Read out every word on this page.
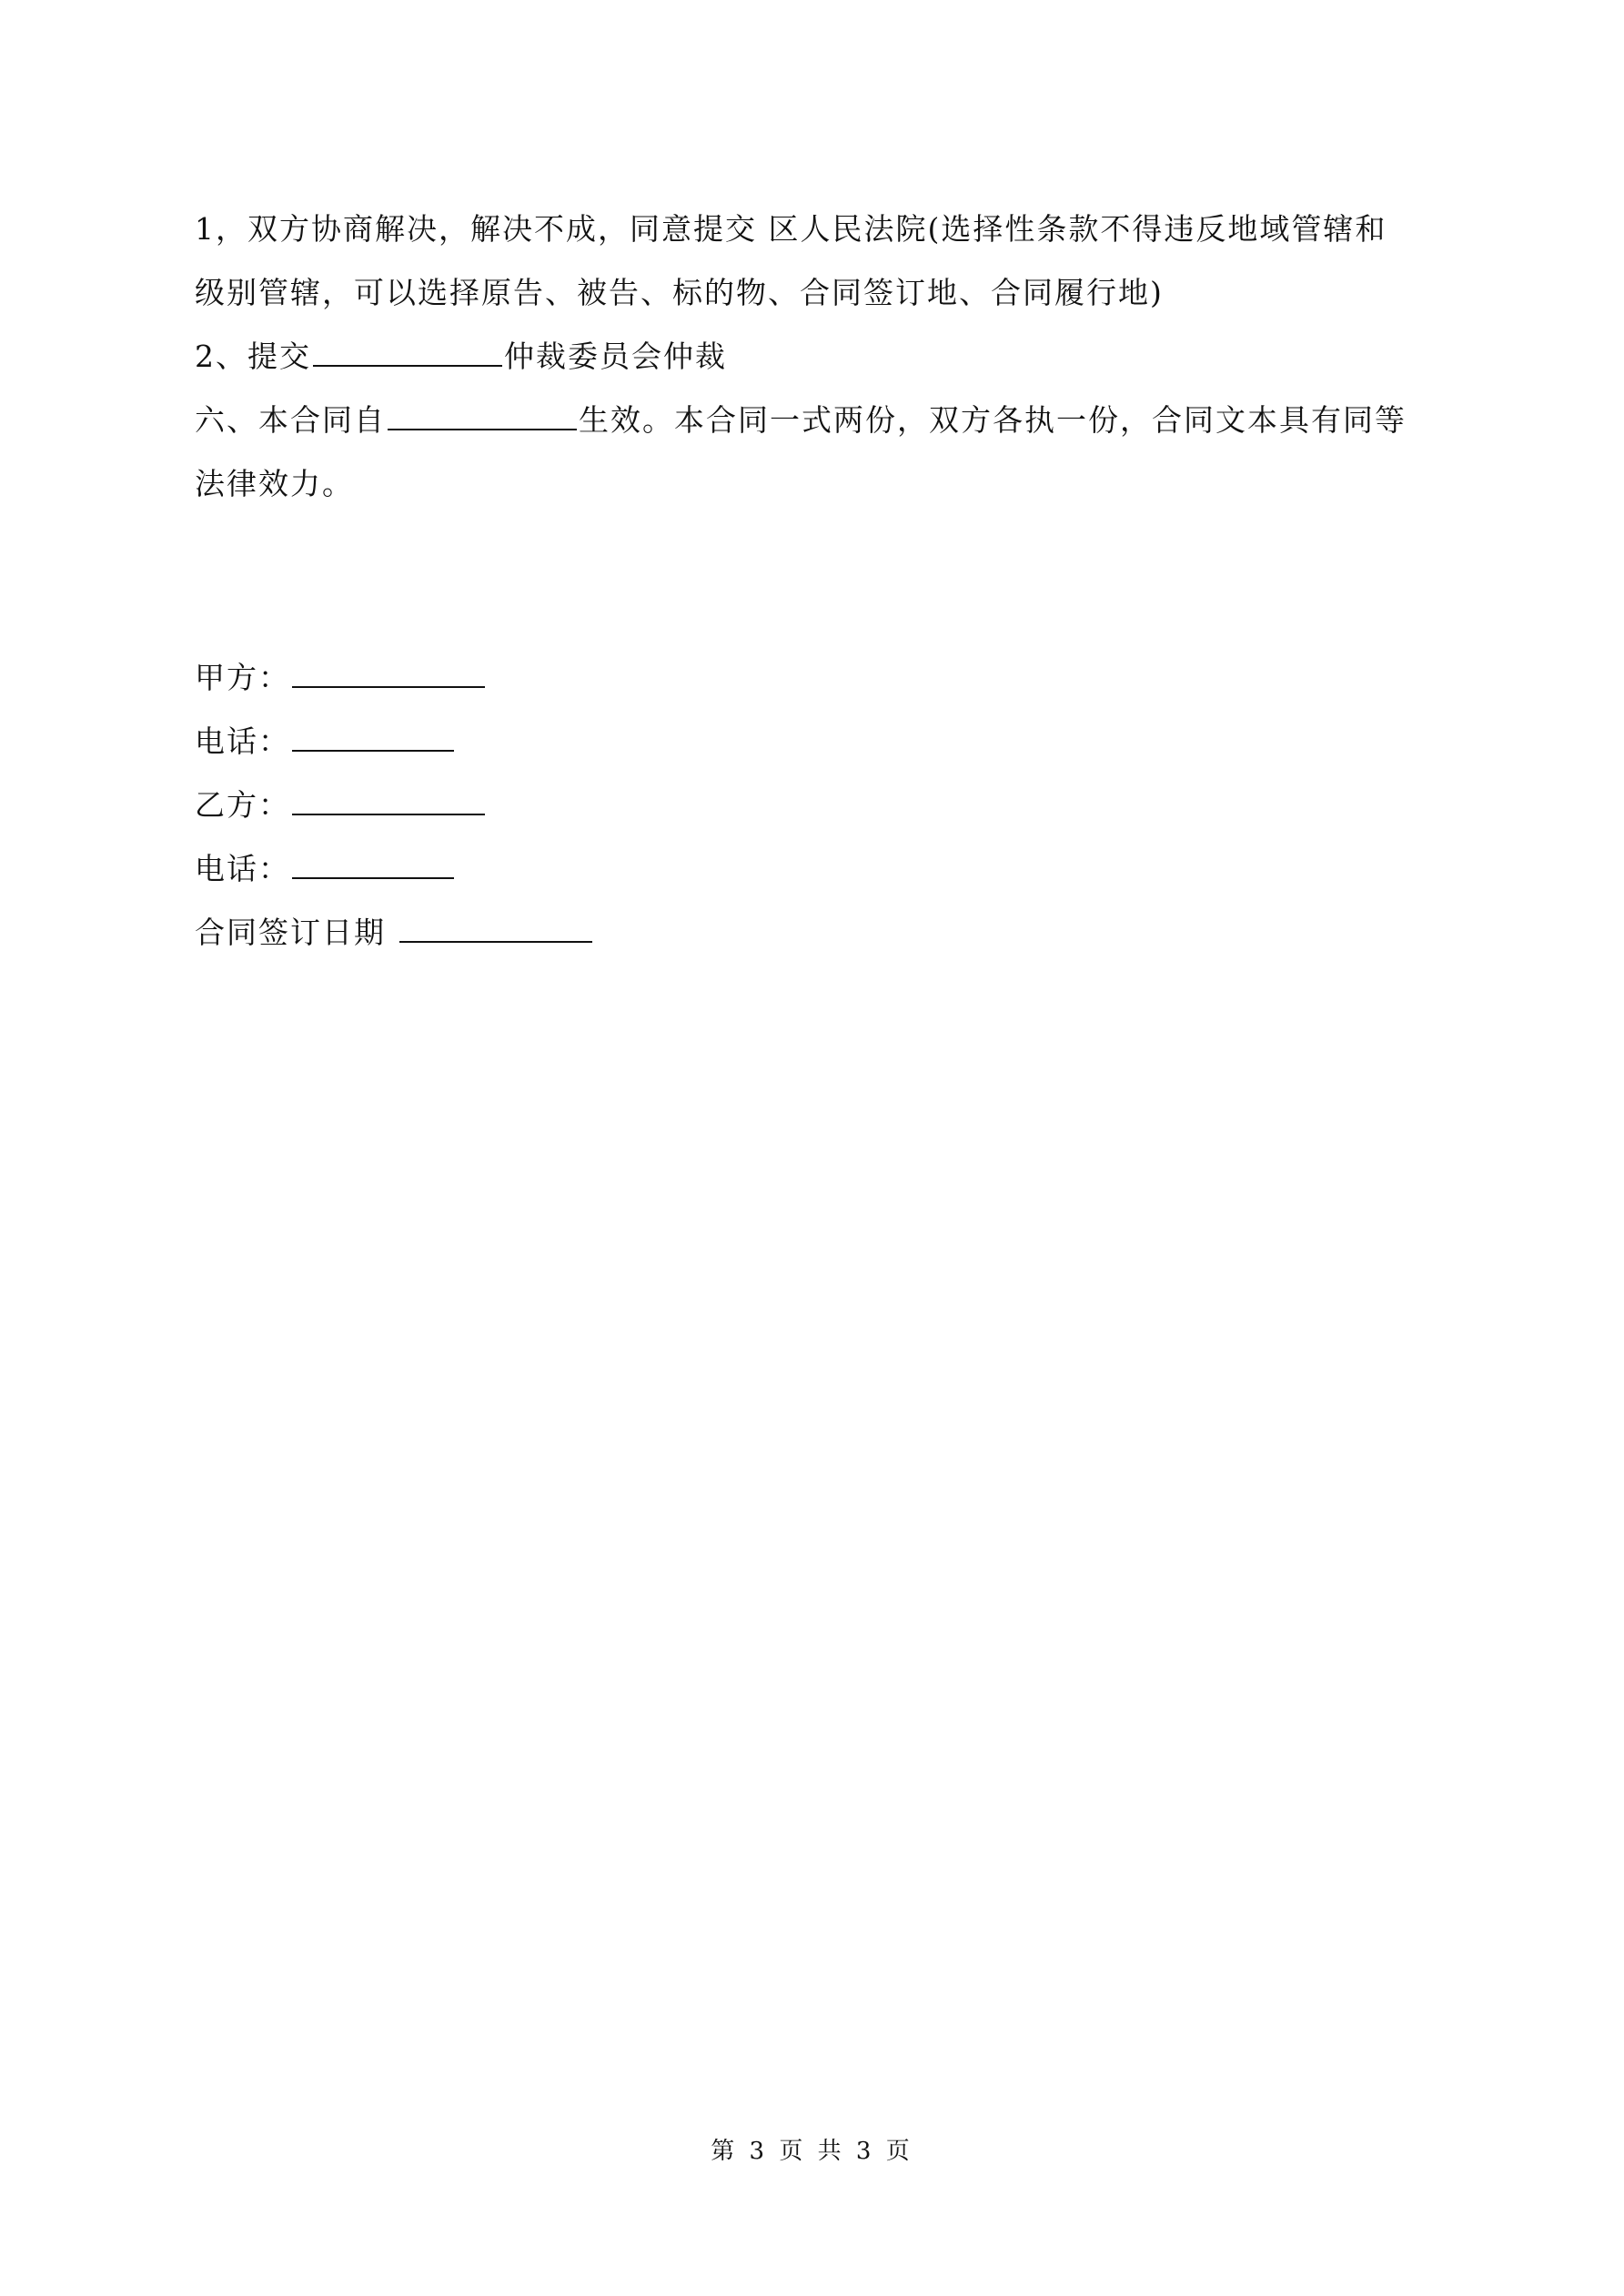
1，双方协商解决，解决不成，同意提交 区人民法院(选择性条款不得违反地域管辖和
级别管辖，可以选择原告、被告、标的物、合同签订地、合同履行地)
2、提交	仲裁委员会仲裁
六、本合同自	生效。本合同一式两份，双方各执一份，合同文本具有同等
法律效力。
甲方：
电话：
乙方：
电话：
合同签订日期
第 3 页 共 3 页
